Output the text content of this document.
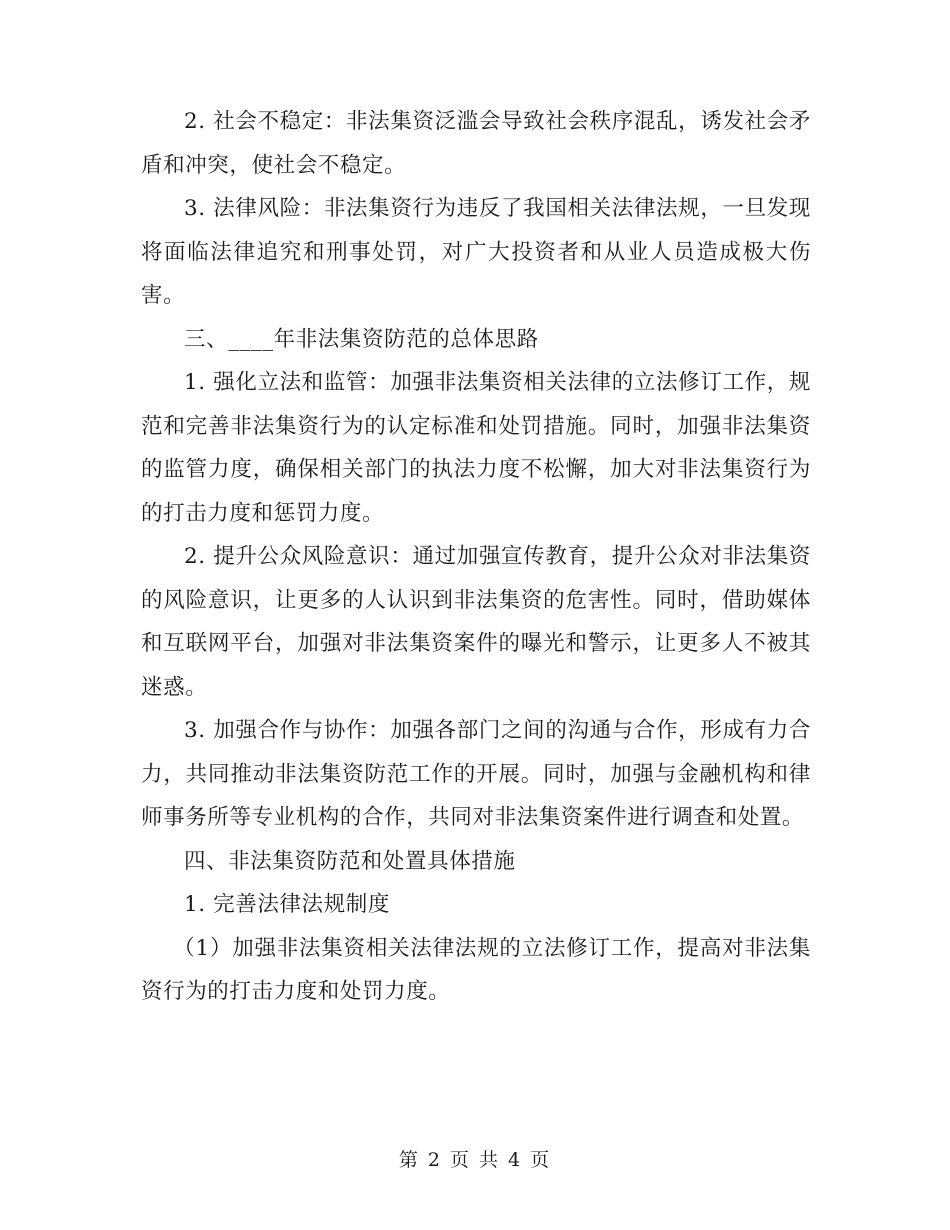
2. 社会不稳定：非法集资泛滥会导致社会秩序混乱，诱发社会矛盾和冲突，使社会不稳定。

3. 法律风险：非法集资行为违反了我国相关法律法规，一旦发现将面临法律追究和刑事处罚，对广大投资者和从业人员造成极大伤害。

三、____年非法集资防范的总体思路

1. 强化立法和监管：加强非法集资相关法律的立法修订工作，规范和完善非法集资行为的认定标准和处罚措施。同时，加强非法集资的监管力度，确保相关部门的执法力度不松懈，加大对非法集资行为的打击力度和惩罚力度。

2. 提升公众风险意识：通过加强宣传教育，提升公众对非法集资的风险意识，让更多的人认识到非法集资的危害性。同时，借助媒体和互联网平台，加强对非法集资案件的曝光和警示，让更多人不被其迷惑。

3. 加强合作与协作：加强各部门之间的沟通与合作，形成有力合力，共同推动非法集资防范工作的开展。同时，加强与金融机构和律师事务所等专业机构的合作，共同对非法集资案件进行调查和处置。

四、非法集资防范和处置具体措施

1. 完善法律法规制度

（1）加强非法集资相关法律法规的立法修订工作，提高对非法集资行为的打击力度和处罚力度。

第 2 页 共 4 页
